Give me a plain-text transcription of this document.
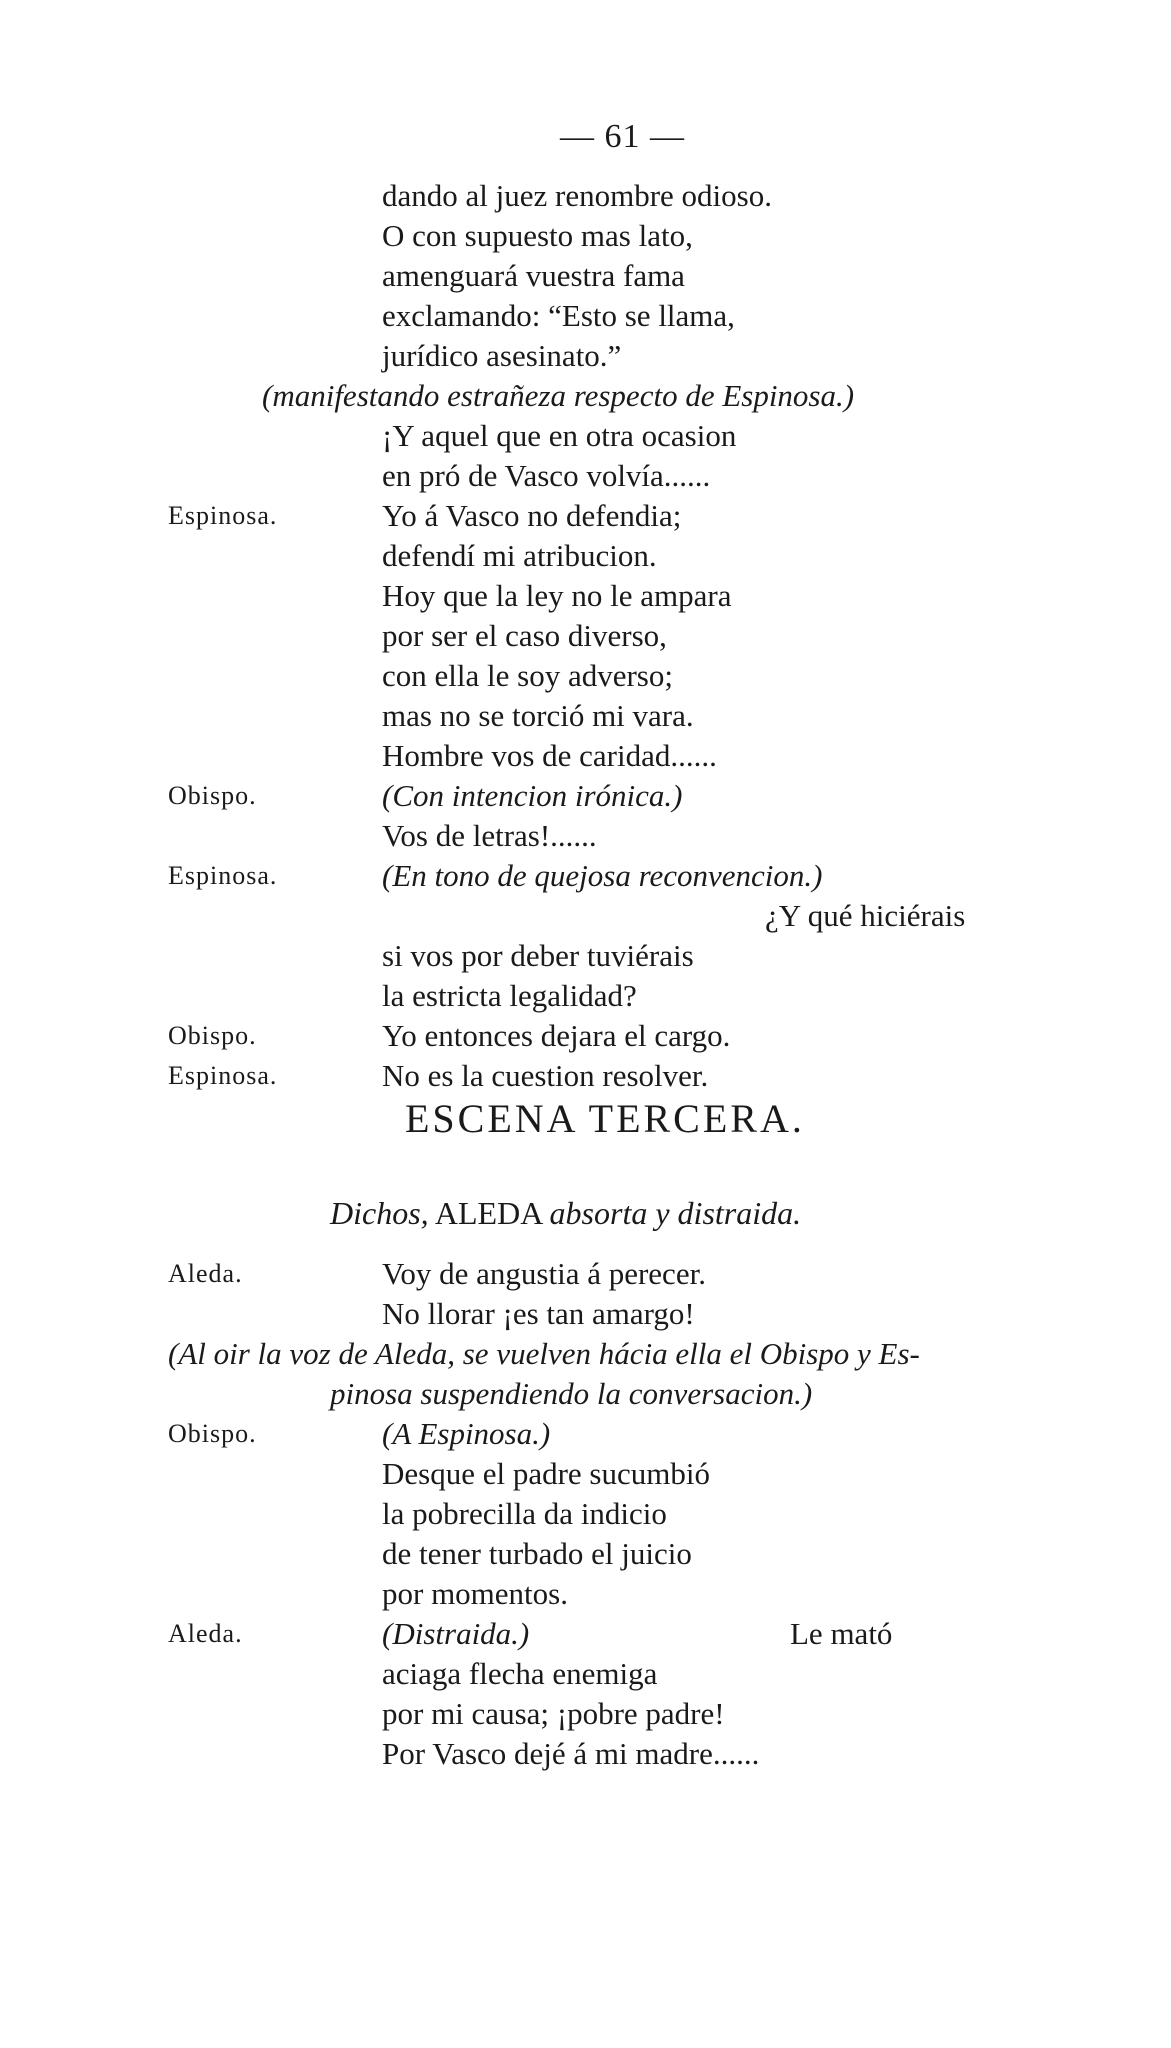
— 61 —
dando al juez renombre odioso.
O con supuesto mas lato,
amenguará vuestra fama
exclamando: “Esto se llama,
jurídico asesinato.”
(manifestando estrañeza respecto de Espinosa.)
¡Y aquel que en otra ocasion
en pró de Vasco volvía......
Espinosa.	Yo á Vasco no defendia;
defendí mi atribucion.
Hoy que la ley no le ampara
por ser el caso diverso,
con ella le soy adverso;
mas no se torció mi vara.
Hombre vos de caridad......
Obispo.	(Con intencion irónica.)
Vos de letras!......
Espinosa.	(En tono de quejosa reconvencion.)
¿Y qué hiciérais
si vos por deber tuviérais
la estricta legalidad?
Obispo.	Yo entonces dejara el cargo.
Espinosa.	No es la cuestion resolver.
ESCENA TERCERA.
Dichos, ALEDA absorta y distraida.
Aleda.	Voy de angustia á perecer.
No llorar ¡es tan amargo!
(Al oir la voz de Aleda, se vuelven hácia ella el Obispo y Es-
pinosa suspendiendo la conversacion.)
Obispo.	(A Espinosa.)
Desque el padre sucumbió
la pobrecilla da indicio
de tener turbado el juicio
por momentos.
Aleda.	(Distraida.)	Le mató
aciaga flecha enemiga
por mi causa; ¡pobre padre!
Por Vasco dejé á mi madre......
